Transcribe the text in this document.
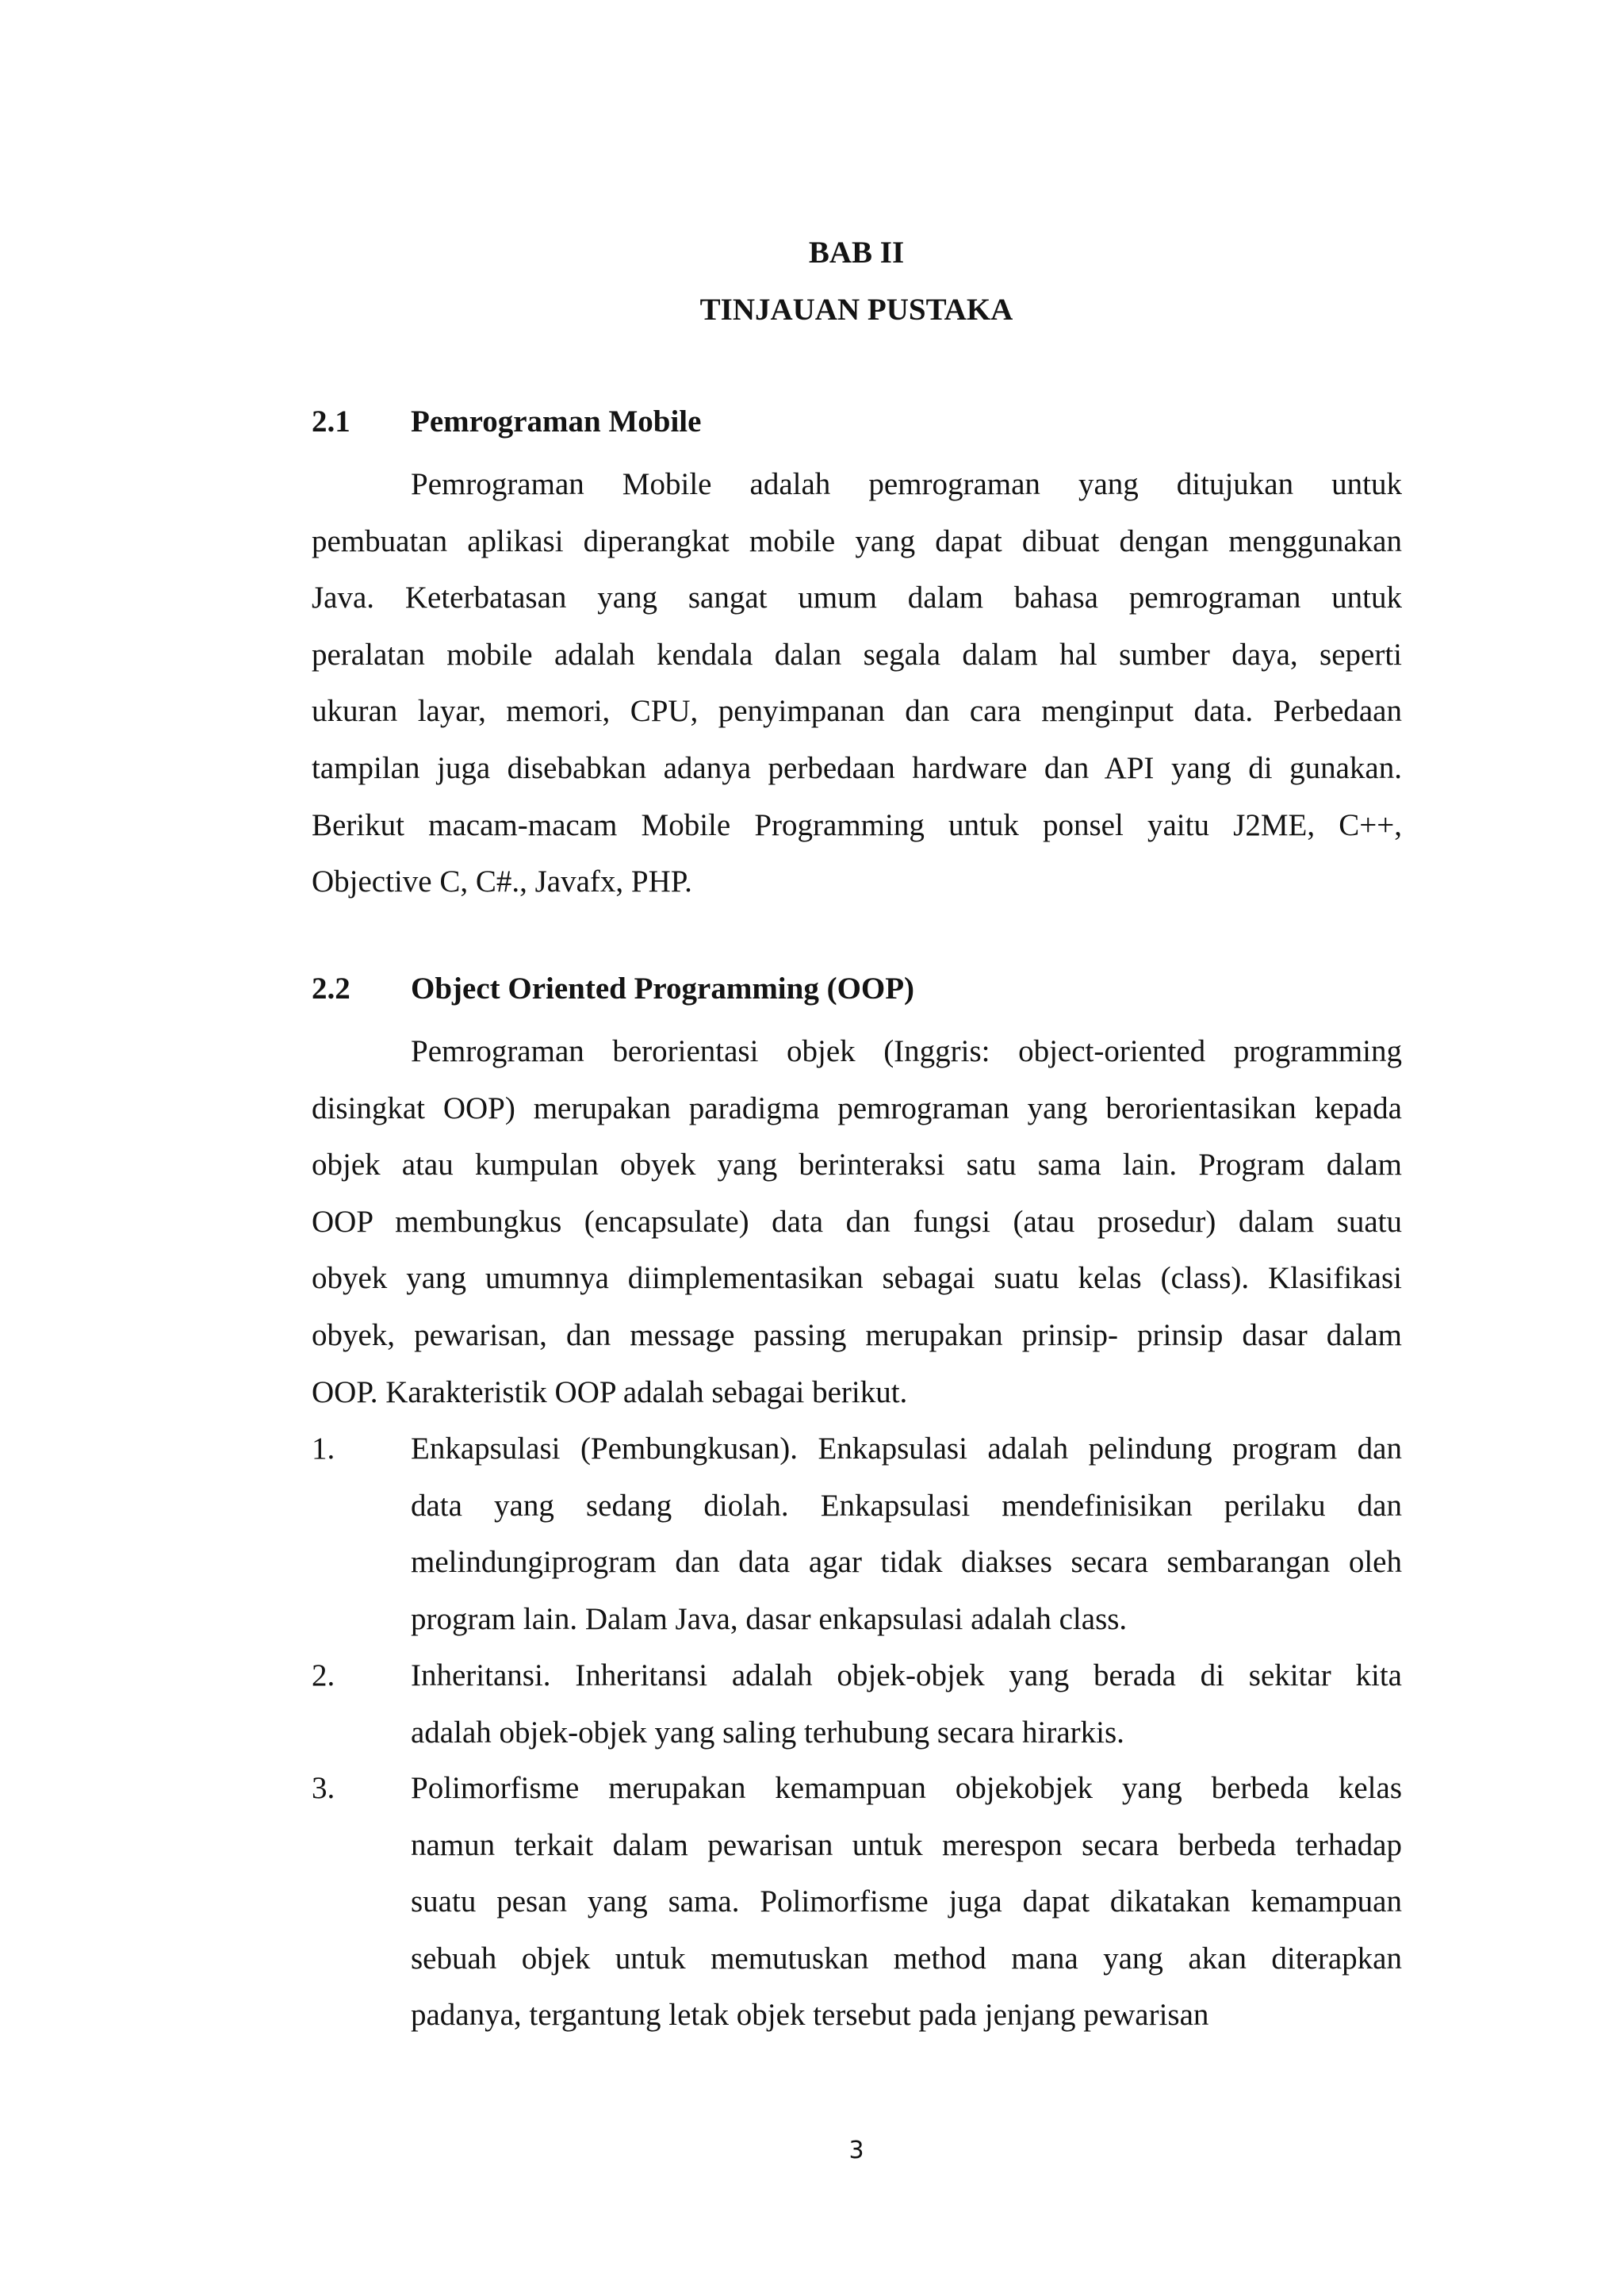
BAB II
TINJAUAN PUSTAKA
2.1 Pemrograman Mobile

Pemrograman Mobile adalah pemrograman yang ditujukan untuk
pembuatan aplikasi diperangkat mobile yang dapat dibuat dengan menggunakan
Java. Keterbatasan yang sangat umum dalam bahasa pemrograman untuk
peralatan mobile adalah kendala dalan segala dalam hal sumber daya, seperti
ukuran layar, memori, CPU, penyimpanan dan cara menginput data. Perbedaan
tampilan juga disebabkan adanya perbedaan hardware dan API yang di gunakan.
Berikut macam-macam Mobile Programming untuk ponsel yaitu J2ME, C++,
Objective C, C#., Javafx, PHP.

2.2 Object Oriented Programming (OOP)

Pemrograman berorientasi objek (Inggris: object-oriented programming
disingkat OOP) merupakan paradigma pemrograman yang berorientasikan kepada
objek atau kumpulan obyek yang berinteraksi satu sama lain. Program dalam
OOP membungkus (encapsulate) data dan fungsi (atau prosedur) dalam suatu
obyek yang umumnya diimplementasikan sebagai suatu kelas (class). Klasifikasi
obyek, pewarisan, dan message passing merupakan prinsip- prinsip dasar dalam
OOP. Karakteristik OOP adalah sebagai berikut.

1. Enkapsulasi (Pembungkusan). Enkapsulasi adalah pelindung program dan
data yang sedang diolah. Enkapsulasi mendefinisikan perilaku dan
melindungiprogram dan data agar tidak diakses secara sembarangan oleh
program lain. Dalam Java, dasar enkapsulasi adalah class.
2. Inheritansi. Inheritansi adalah objek-objek yang berada di sekitar kita
adalah objek-objek yang saling terhubung secara hirarkis.
3. Polimorfisme merupakan kemampuan objekobjek yang berbeda kelas
namun terkait dalam pewarisan untuk merespon secara berbeda terhadap
suatu pesan yang sama. Polimorfisme juga dapat dikatakan kemampuan
sebuah objek untuk memutuskan method mana yang akan diterapkan
padanya, tergantung letak objek tersebut pada jenjang pewarisan
3
